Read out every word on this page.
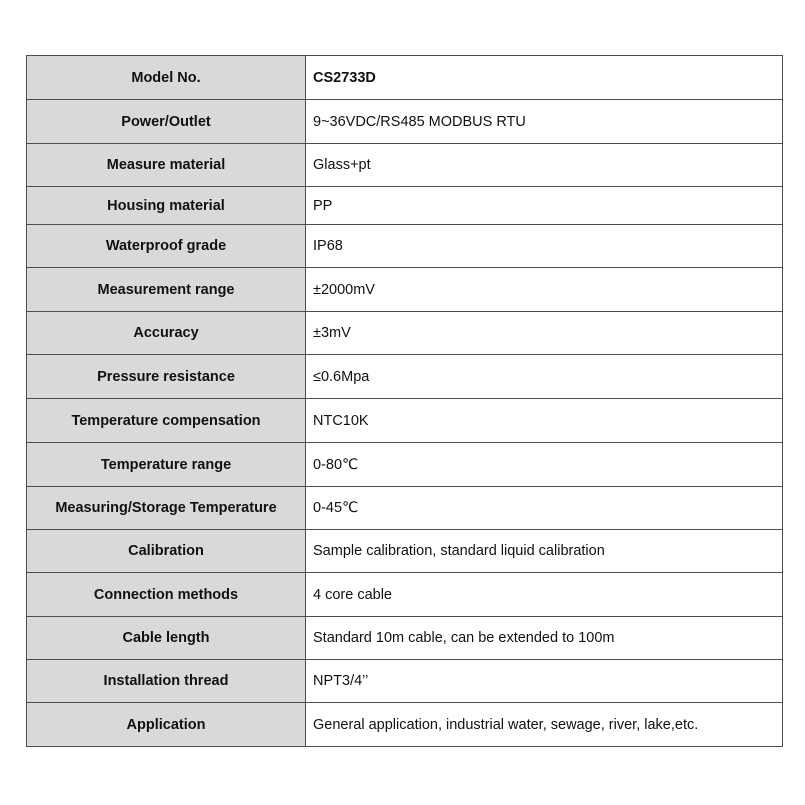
Model No.	CS2733D
Power/Outlet	9~36VDC/RS485 MODBUS RTU
Measure material	Glass+pt
Housing material	PP
Waterproof grade	IP68
Measurement range	±2000mV
Accuracy	±3mV
Pressure resistance	≤0.6Mpa
Temperature compensation	NTC10K
Temperature range	0-80℃
Measuring/Storage Temperature	0-45℃
Calibration	Sample calibration, standard liquid calibration
Connection methods	4 core cable
Cable length	Standard 10m cable, can be extended to 100m
Installation thread	NPT3/4’’
Application	General application, industrial water, sewage, river, lake,etc.
